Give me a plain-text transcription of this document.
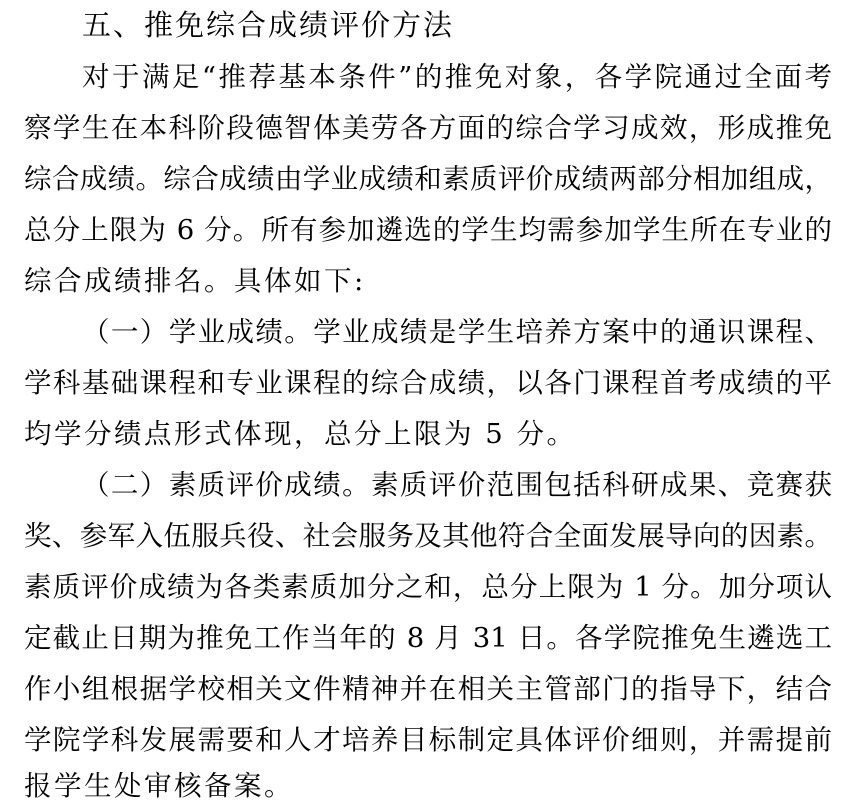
五、推免综合成绩评价方法
对于满足“推荐基本条件”的推免对象，各学院通过全面考
察学生在本科阶段德智体美劳各方面的综合学习成效，形成推免
综合成绩。综合成绩由学业成绩和素质评价成绩两部分相加组成，
总分上限为 6 分。所有参加遴选的学生均需参加学生所在专业的
综合成绩排名。具体如下:
（一）学业成绩。学业成绩是学生培养方案中的通识课程、
学科基础课程和专业课程的综合成绩，以各门课程首考成绩的平
均学分绩点形式体现，总分上限为 5 分。
（二）素质评价成绩。素质评价范围包括科研成果、竞赛获
奖、参军入伍服兵役、社会服务及其他符合全面发展导向的因素。
素质评价成绩为各类素质加分之和，总分上限为 1 分。加分项认
定截止日期为推免工作当年的 8 月 31 日。各学院推免生遴选工
作小组根据学校相关文件精神并在相关主管部门的指导下，结合
学院学科发展需要和人才培养目标制定具体评价细则，并需提前
报学生处审核备案。
